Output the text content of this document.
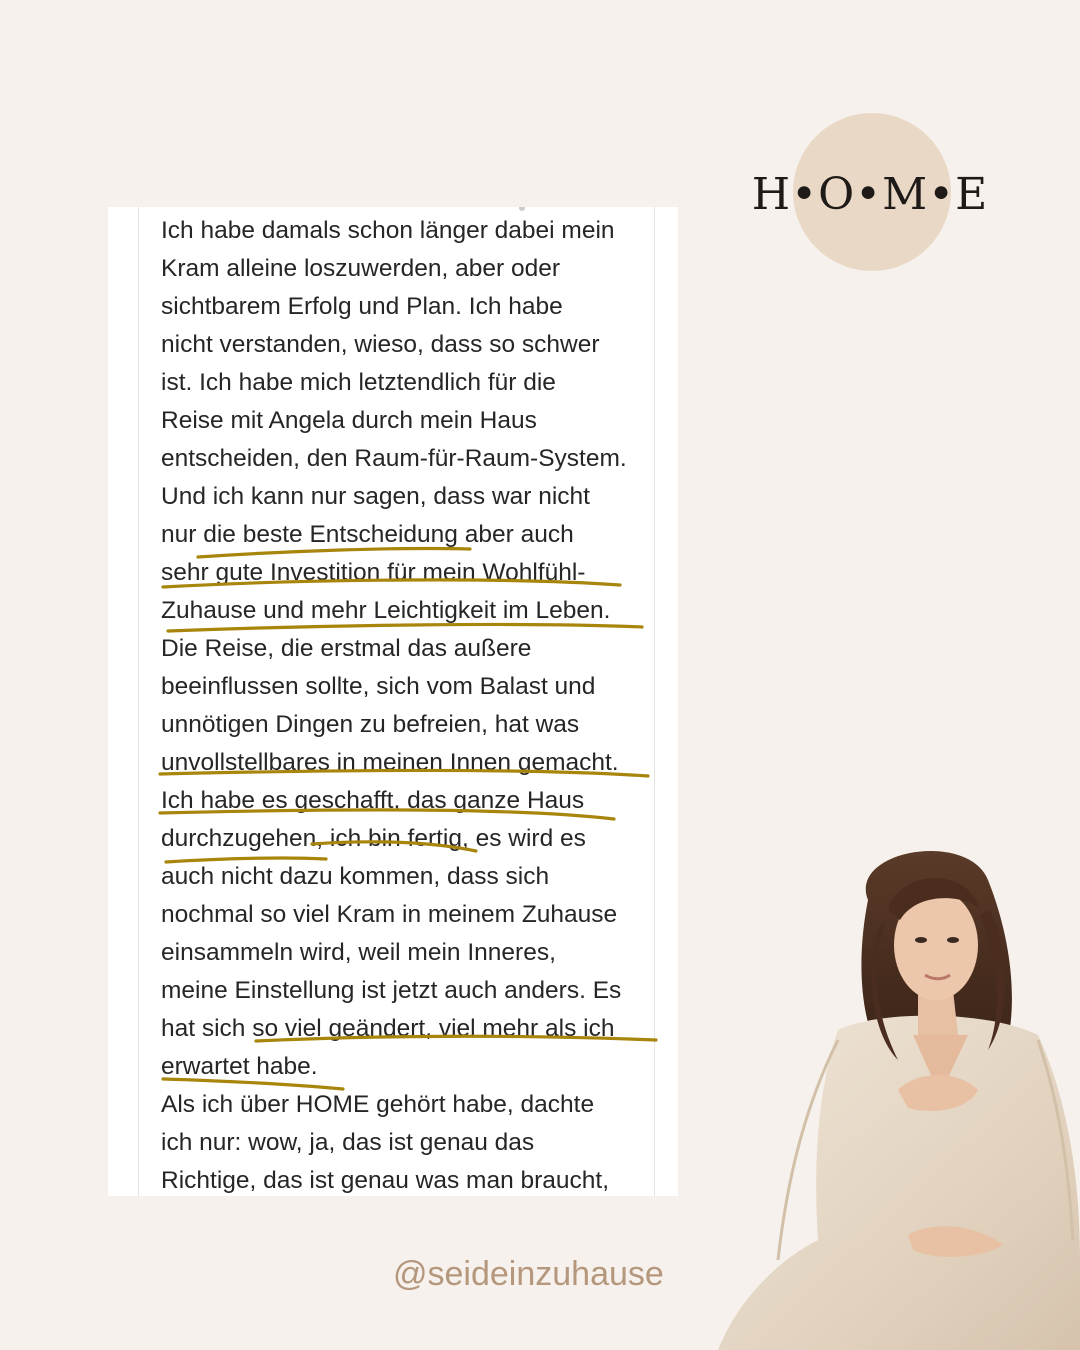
H•O•M•E
Ich habe damals schon länger dabei mein
Kram alleine loszuwerden, aber oder
sichtbarem Erfolg und Plan. Ich habe
nicht verstanden, wieso, dass so schwer
ist. Ich habe mich letztendlich für die
Reise mit Angela durch mein Haus
entscheiden, den Raum-für-Raum-System.
Und ich kann nur sagen, dass war nicht
nur die beste Entscheidung aber auch
sehr gute Investition für mein Wohlfühl-
Zuhause und mehr Leichtigkeit im Leben.
Die Reise, die erstmal das außere
beeinflussen sollte, sich vom Balast und
unnötigen Dingen zu befreien, hat was
unvollstellbares in meinen Innen gemacht.
Ich habe es geschafft, das ganze Haus
durchzugehen, ich bin fertig, es wird es
auch nicht dazu kommen, dass sich
nochmal so viel Kram in meinem Zuhause
einsammeln wird, weil mein Inneres,
meine Einstellung ist jetzt auch anders. Es
hat sich so viel geändert, viel mehr als ich
erwartet habe.
Als ich über HOME gehört habe, dachte
ich nur: wow, ja, das ist genau das
Richtige, das ist genau was man braucht,
@seideinzuhause
